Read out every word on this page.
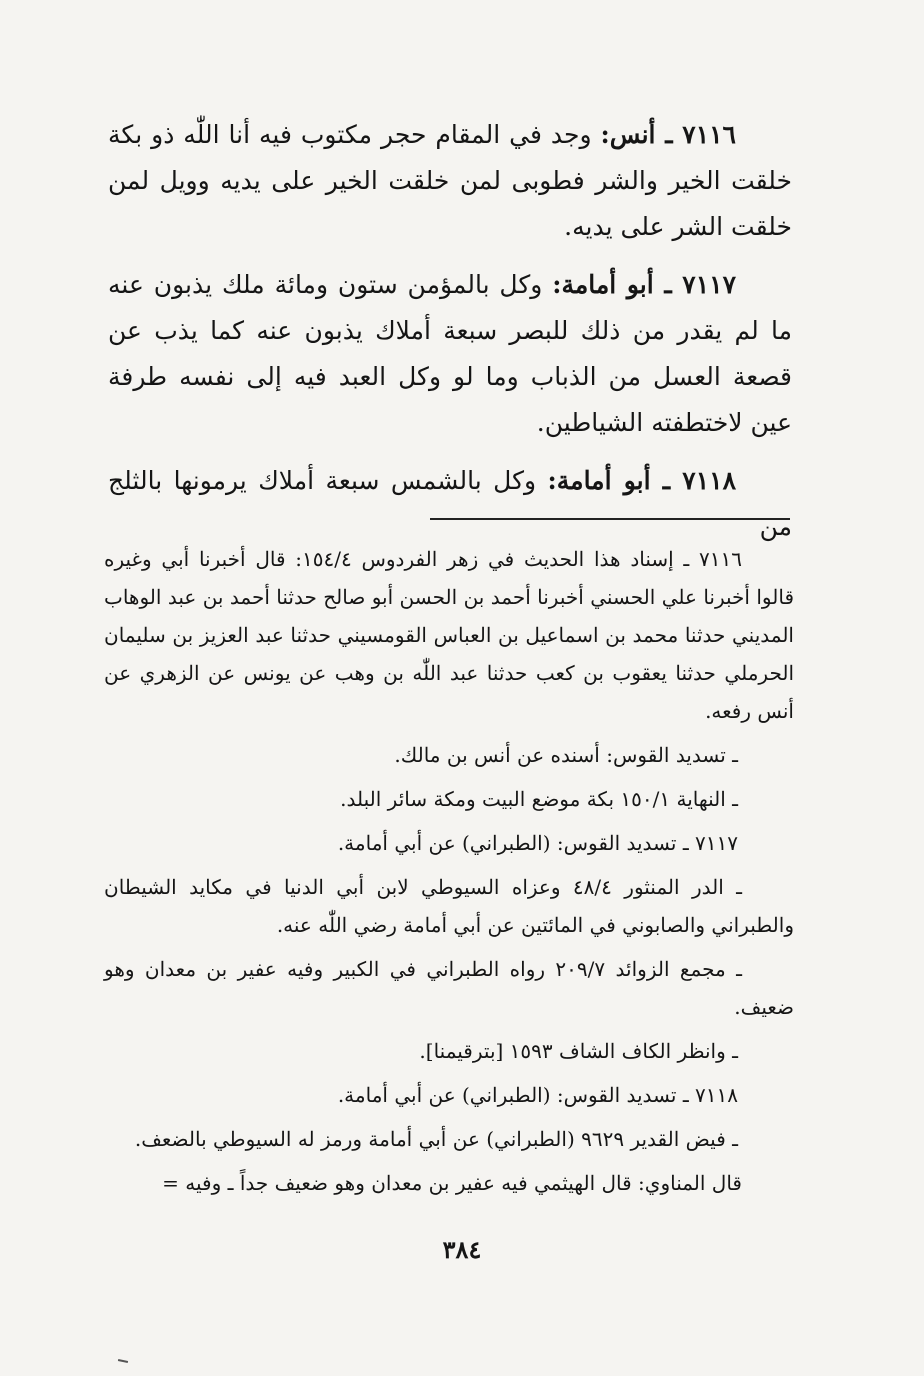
٧١١٦ ـ أنس: وجد في المقام حجر مكتوب فيه أنا اللّٰه ذو بكة خلقت الخير والشر فطوبى لمن خلقت الخير على يديه وويل لمن خلقت الشر على يديه.

٧١١٧ ـ أبو أمامة: وكل بالمؤمن ستون ومائة ملك يذبون عنه ما لم يقدر من ذلك للبصر سبعة أملاك يذبون عنه كما يذب عن قصعة العسل من الذباب وما لو وكل العبد فيه إلى نفسه طرفة عين لاختطفته الشياطين.

٧١١٨ ـ أبو أمامة: وكل بالشمس سبعة أملاك يرمونها بالثلج من

٧١١٦ ـ إسناد هذا الحديث في زهر الفردوس ١٥٤/٤: قال أخبرنا أبي وغيره قالوا أخبرنا علي الحسني أخبرنا أحمد بن الحسن أبو صالح حدثنا أحمد بن عبد الوهاب المديني حدثنا محمد بن اسماعيل بن العباس القومسيني حدثنا عبد العزيز بن سليمان الحرملي حدثنا يعقوب بن كعب حدثنا عبد اللّٰه بن وهب عن يونس عن الزهري عن أنس رفعه.

ـ تسديد القوس: أسنده عن أنس بن مالك.

ـ النهاية ١٥٠/١ بكة موضع البيت ومكة سائر البلد.

٧١١٧ ـ تسديد القوس: (الطبراني) عن أبي أمامة.

ـ الدر المنثور ٤٨/٤ وعزاه السيوطي لابن أبي الدنيا في مكايد الشيطان والطبراني والصابوني في المائتين عن أبي أمامة رضي اللّٰه عنه.

ـ مجمع الزوائد ٢٠٩/٧ رواه الطبراني في الكبير وفيه عفير بن معدان وهو ضعيف.

ـ وانظر الكاف الشاف ١٥٩٣ [بترقيمنا].

٧١١٨ ـ تسديد القوس: (الطبراني) عن أبي أمامة.

ـ فيض القدير ٩٦٢٩ (الطبراني) عن أبي أمامة ورمز له السيوطي بالضعف.

قال المناوي: قال الهيثمي فيه عفير بن معدان وهو ضعيف جداً ـ وفيه =

٣٨٤
